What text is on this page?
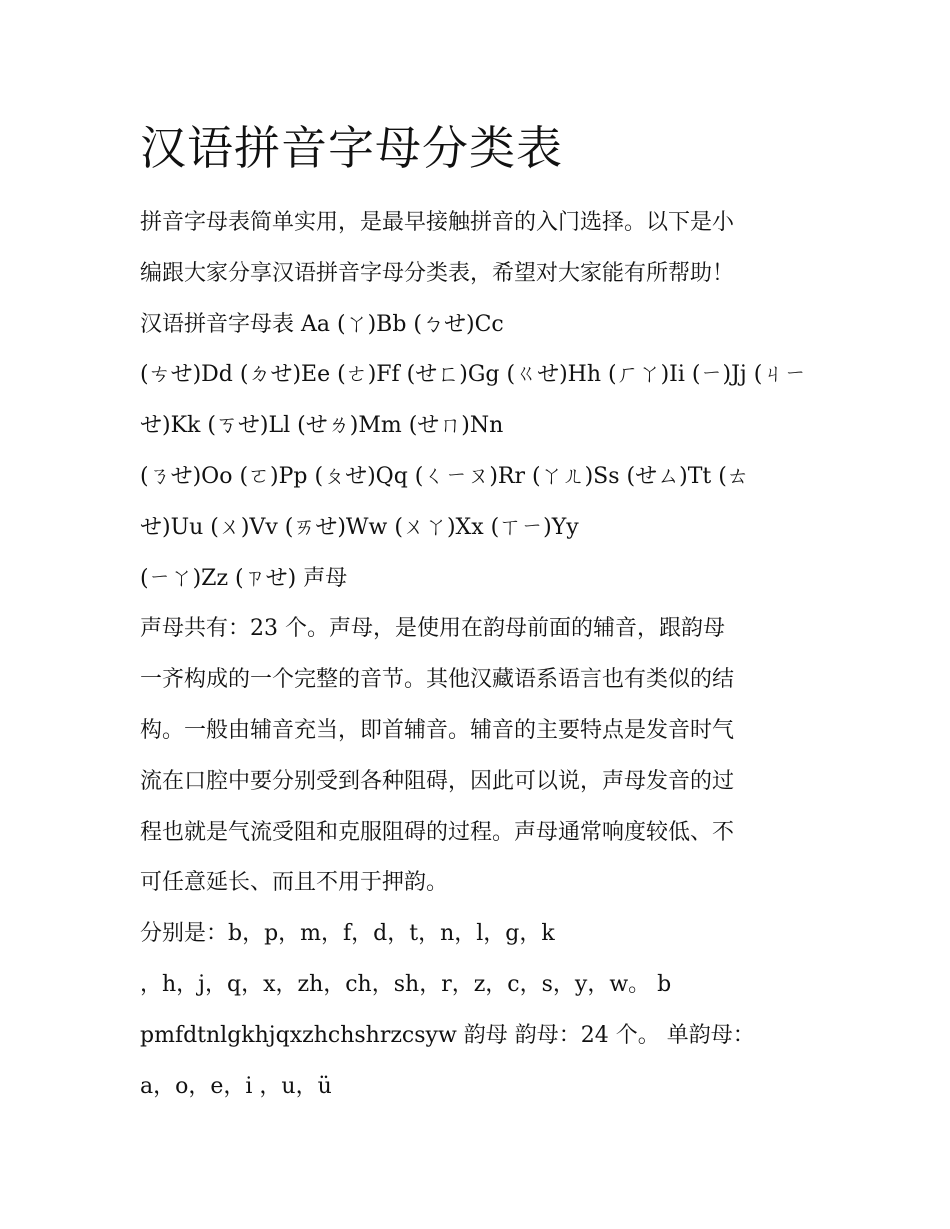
汉语拼音字母分类表
拼音字母表简单实用，是最早接触拼音的入门选择。以下是小
编跟大家分享汉语拼音字母分类表，希望对大家能有所帮助！
汉语拼音字母表 Aa (ㄚ)Bb (ㄅせ)Cc
(ㄘせ)Dd (ㄉせ)Ee (ㄜ)Ff (せㄈ)Gg (ㄍせ)Hh (ㄏㄚ)Ii (ㄧ)Jj (ㄐㄧ
せ)Kk (ㄎせ)Ll (せㄌ)Mm (せㄇ)Nn
(ㄋせ)Oo (ㄛ)Pp (ㄆせ)Qq (ㄑㄧㄡ)Rr (ㄚㄦ)Ss (せㄙ)Tt (ㄊ
せ)Uu (ㄨ)Vv (ㄞせ)Ww (ㄨㄚ)Xx (ㄒㄧ)Yy
(ㄧㄚ)Zz (ㄗせ) 声母
声母共有：23 个。声母，是使用在韵母前面的辅音，跟韵母
一齐构成的一个完整的音节。其他汉藏语系语言也有类似的结
构。一般由辅音充当，即首辅音。辅音的主要特点是发音时气
流在口腔中要分别受到各种阻碍，因此可以说，声母发音的过
程也就是气流受阻和克服阻碍的过程。声母通常响度较低、不
可任意延长、而且不用于押韵。
分别是：b，p，m，f，d，t，n，l，g，k
，h，j，q，x，zh，ch，sh，r，z，c，s，y，w。 b
pmfdtnlgkhjqxzhchshrzcsyw 韵母 韵母：24 个。 单韵母：
a，o，e，i ，u，ü
